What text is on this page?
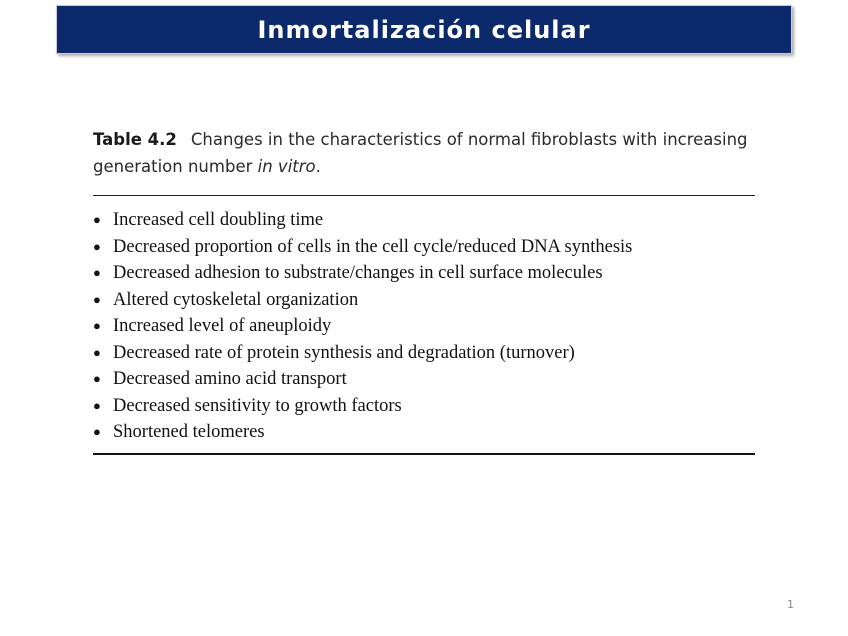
Inmortalización celular
Table 4.2 Changes in the characteristics of normal fibroblasts with increasing generation number in vitro.
● Increased cell doubling time
● Decreased proportion of cells in the cell cycle/reduced DNA synthesis
● Decreased adhesion to substrate/changes in cell surface molecules
● Altered cytoskeletal organization
● Increased level of aneuploidy
● Decreased rate of protein synthesis and degradation (turnover)
● Decreased amino acid transport
● Decreased sensitivity to growth factors
● Shortened telomeres
1
